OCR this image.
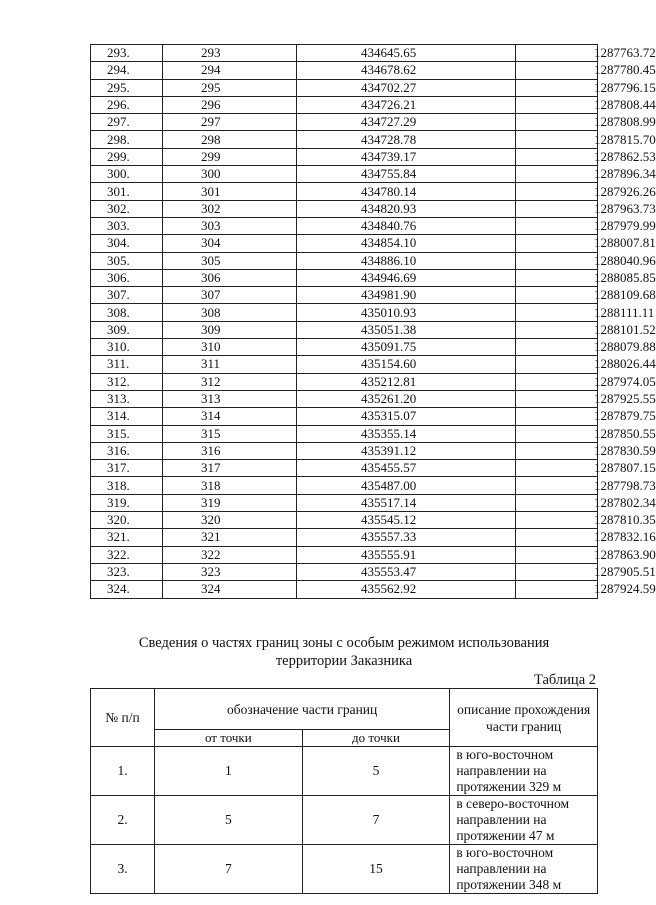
293.	293	434645.65	1287763.72
294.	294	434678.62	1287780.45
295.	295	434702.27	1287796.15
296.	296	434726.21	1287808.44
297.	297	434727.29	1287808.99
298.	298	434728.78	1287815.70
299.	299	434739.17	1287862.53
300.	300	434755.84	1287896.34
301.	301	434780.14	1287926.26
302.	302	434820.93	1287963.73
303.	303	434840.76	1287979.99
304.	304	434854.10	1288007.81
305.	305	434886.10	1288040.96
306.	306	434946.69	1288085.85
307.	307	434981.90	1288109.68
308.	308	435010.93	1288111.11
309.	309	435051.38	1288101.52
310.	310	435091.75	1288079.88
311.	311	435154.60	1288026.44
312.	312	435212.81	1287974.05
313.	313	435261.20	1287925.55
314.	314	435315.07	1287879.75
315.	315	435355.14	1287850.55
316.	316	435391.12	1287830.59
317.	317	435455.57	1287807.15
318.	318	435487.00	1287798.73
319.	319	435517.14	1287802.34
320.	320	435545.12	1287810.35
321.	321	435557.33	1287832.16
322.	322	435555.91	1287863.90
323.	323	435553.47	1287905.51
324.	324	435562.92	1287924.59

Сведения о частях границ зоны с особым режимом использования

территории Заказника

Таблица 2

№ п/п	обозначение части границ		описание прохождения части границ
	от точки	до точки	
1.	1	5	в юго-восточном направлении на
протяжении 329 м

2.	5	7	в северо-восточном направлении на
протяжении 47 м

3.	7	15	в юго-восточном направлении на
протяжении 348 м
